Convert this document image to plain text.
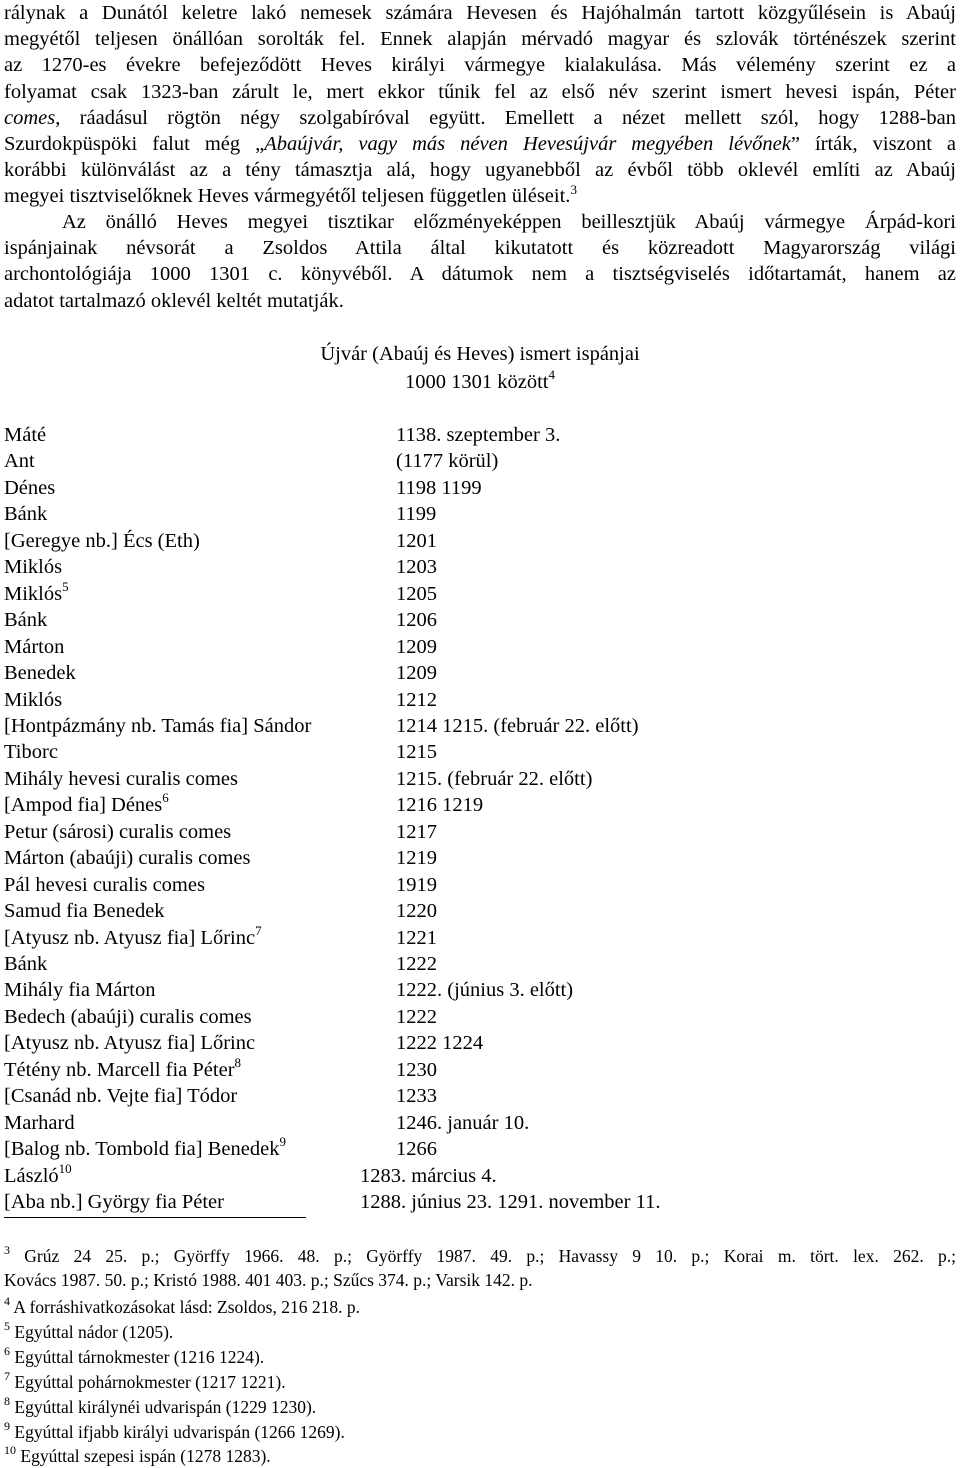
rálynak a Dunától keletre lakó nemesek számára Hevesen és Hajóhalmán tartott közgyűlésein is Abaúj
megyétől teljesen önállóan sorolták fel. Ennek alapján mérvadó magyar és szlovák történészek szerint
az 1270-es évekre befejeződött Heves királyi vármegye kialakulása. Más vélemény szerint ez a
folyamat csak 1323-ban zárult le, mert ekkor tűnik fel az első név szerint ismert hevesi ispán, Péter
comes, ráadásul rögtön négy szolgabíróval együtt. Emellett a nézet mellett szól, hogy 1288-ban
Szurdokpüspöki falut még „Abaújvár, vagy más néven Hevesújvár megyében lévőnek” írták, viszont a
korábbi különválást az a tény támasztja alá, hogy ugyanebből az évből több oklevél említi az Abaúj
megyei tisztviselőknek Heves vármegyétől teljesen független üléseit.$^3$
Az önálló Heves megyei tisztikar előzményeképpen beillesztjük Abaúj vármegye Árpád-kori
ispánjainak névsorát a Zsoldos Attila által kikutatott és közreadott Magyarország világi
archontológiája 1000 1301 c. könyvéből. A dátumok nem a tisztségviselés időtartamát, hanem az
adatot tartalmazó oklevél keltét mutatják.

Újvár (Abaúj és Heves) ismert ispánjai

1000 1301 között$^4$

Máté	1138. szeptember 3.
Ant	(1177 körül)
Dénes	1198 1199
Bánk	1199
[Geregye nb.] Écs (Eth)	1201
Miklós	1203
Miklós$^5$	1205
Bánk	1206
Márton	1209
Benedek	1209
Miklós	1212
[Hontpázmány nb. Tamás fia] Sándor	1214 1215. (február 22. előtt)
Tiborc	1215
Mihály hevesi curalis comes	1215. (február 22. előtt)
[Ampod fia] Dénes$^6$	1216 1219
Petur (sárosi) curalis comes	1217
Márton (abaúji) curalis comes	1219
Pál hevesi curalis comes	1919
Samud fia Benedek	1220
[Atyusz nb. Atyusz fia] Lőrinc$^7$	1221
Bánk	1222
Mihály fia Márton	1222. (június 3. előtt)
Bedech (abaúji) curalis comes	1222
[Atyusz nb. Atyusz fia] Lőrinc	1222 1224
Tétény nb. Marcell fia Péter$^8$	1230
[Csanád nb. Vejte fia] Tódor	1233
Marhard	1246. január 10.
[Balog nb. Tombold fia] Benedek$^9$	1266
László$^{10}$	1283. március 4.
[Aba nb.] György fia Péter	1288. június 23. 1291. november 11.
$^3$ Grúz 24 25. p.; Györffy 1966. 48. p.; Györffy 1987. 49. p.; Havassy 9 10. p.; Korai m. tört. lex. 262. p.;
Kovács 1987. 50. p.; Kristó 1988. 401 403. p.; Szűcs 374. p.; Varsik 142. p.
$^4$ A forráshivatkozásokat lásd: Zsoldos, 216 218. p.
$^5$ Egyúttal nádor (1205).
$^6$ Egyúttal tárnokmester (1216 1224).
$^7$ Egyúttal pohárnokmester (1217 1221).
$^8$ Egyúttal királynéi udvarispán (1229 1230).
$^9$ Egyúttal ifjabb királyi udvarispán (1266 1269).
$^{10}$ Egyúttal szepesi ispán (1278 1283).
